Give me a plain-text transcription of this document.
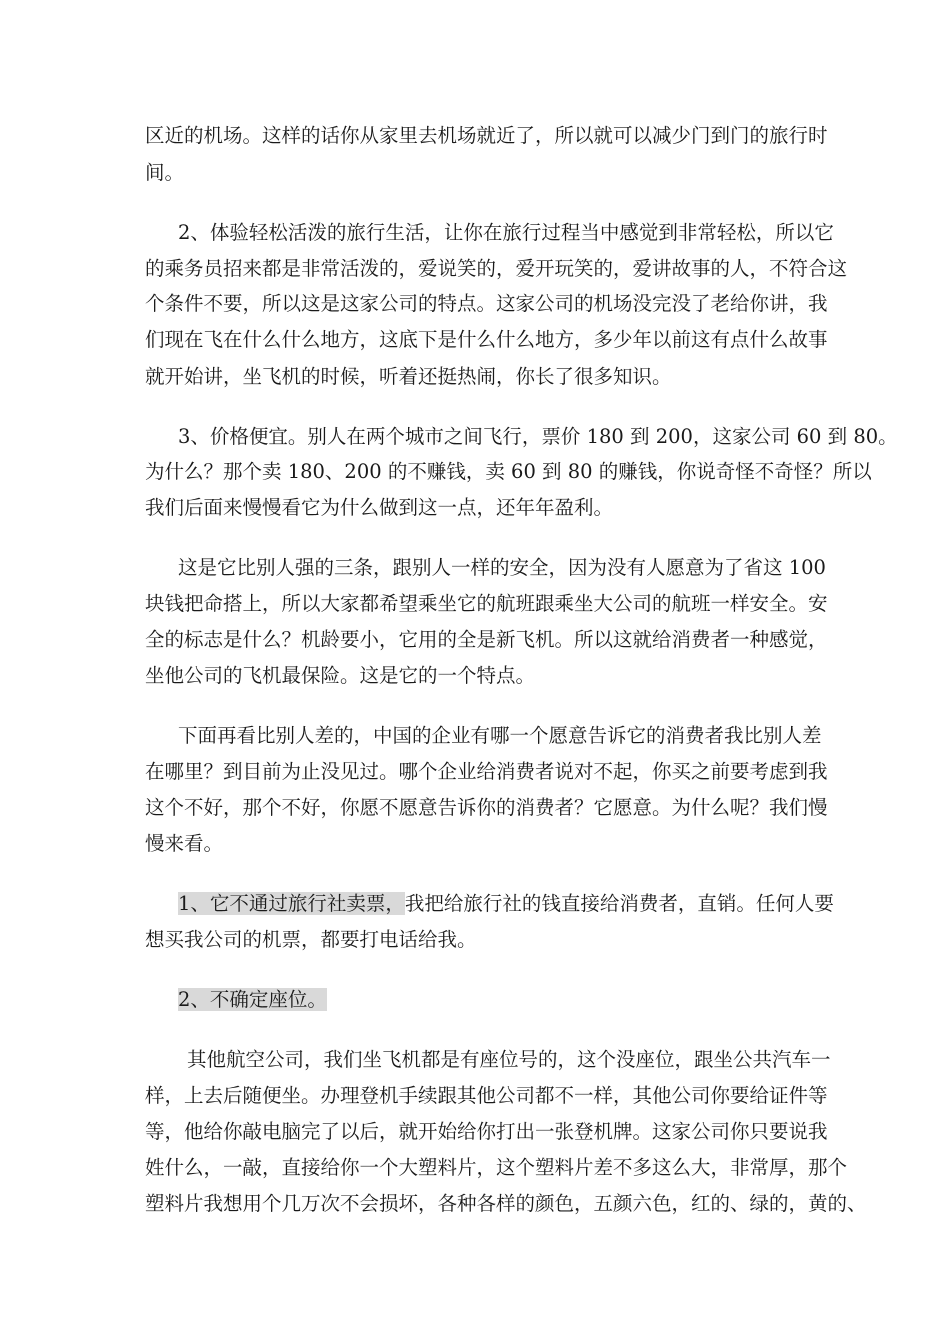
区近的机场。这样的话你从家里去机场就近了，所以就可以减少门到门的旅行时
间。
2、体验轻松活泼的旅行生活，让你在旅行过程当中感觉到非常轻松，所以它
的乘务员招来都是非常活泼的，爱说笑的，爱开玩笑的，爱讲故事的人，不符合这
个条件不要，所以这是这家公司的特点。这家公司的机场没完没了老给你讲，我
们现在飞在什么什么地方，这底下是什么什么地方，多少年以前这有点什么故事
就开始讲，坐飞机的时候，听着还挺热闹，你长了很多知识。
3、价格便宜。别人在两个城市之间飞行，票价 180 到 200，这家公司 60 到 80。
为什么？那个卖 180、200 的不赚钱，卖 60 到 80 的赚钱，你说奇怪不奇怪？所以
我们后面来慢慢看它为什么做到这一点，还年年盈利。
这是它比别人强的三条，跟别人一样的安全，因为没有人愿意为了省这 100
块钱把命搭上，所以大家都希望乘坐它的航班跟乘坐大公司的航班一样安全。安
全的标志是什么？机龄要小，它用的全是新飞机。所以这就给消费者一种感觉，
坐他公司的飞机最保险。这是它的一个特点。
下面再看比别人差的，中国的企业有哪一个愿意告诉它的消费者我比别人差
在哪里？到目前为止没见过。哪个企业给消费者说对不起，你买之前要考虑到我
这个不好，那个不好，你愿不愿意告诉你的消费者？它愿意。为什么呢？我们慢
慢来看。
1、它不通过旅行社卖票，我把给旅行社的钱直接给消费者，直销。任何人要
想买我公司的机票，都要打电话给我。
2、不确定座位。
其他航空公司，我们坐飞机都是有座位号的，这个没座位，跟坐公共汽车一
样，上去后随便坐。办理登机手续跟其他公司都不一样，其他公司你要给证件等
等，他给你敲电脑完了以后，就开始给你打出一张登机牌。这家公司你只要说我
姓什么，一敲，直接给你一个大塑料片，这个塑料片差不多这么大，非常厚，那个
塑料片我想用个几万次不会损坏，各种各样的颜色，五颜六色，红的、绿的，黄的、
